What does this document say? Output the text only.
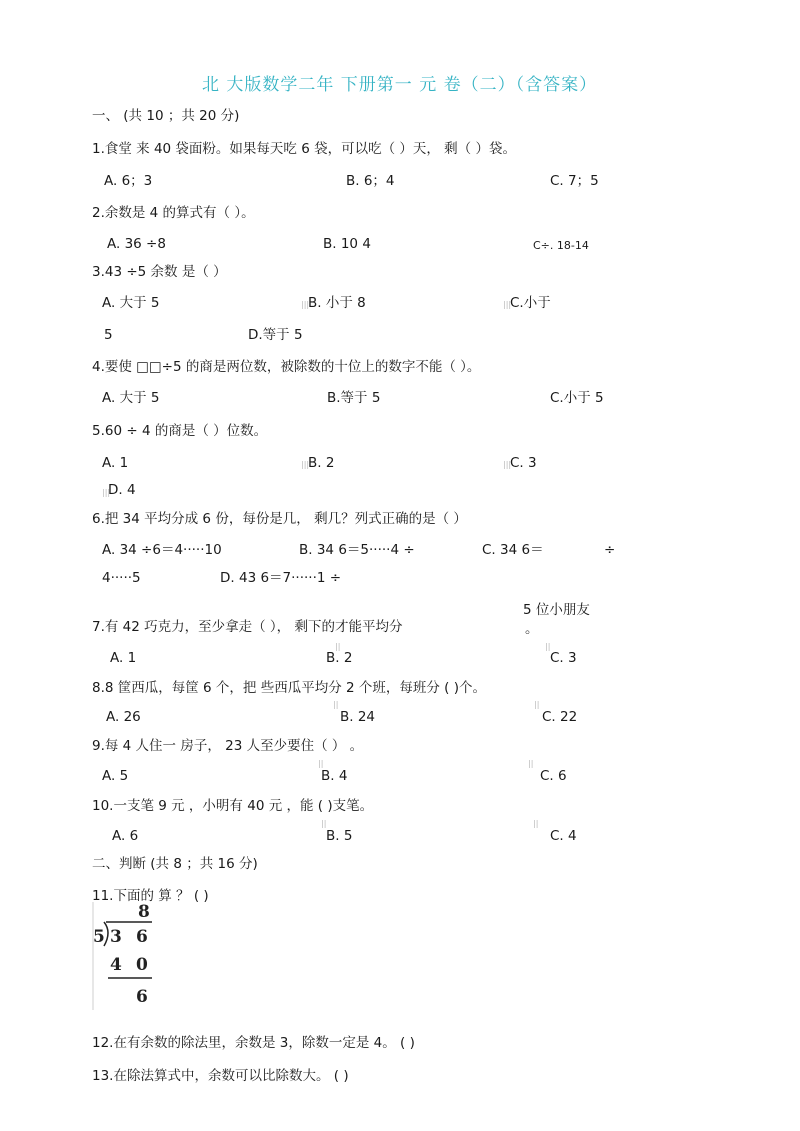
北 大版数学二年 下册第一 元 卷（二）（含答案）
一、 (共 10 ；共 20 分)
1.食堂 来 40 袋面粉。如果每天吃 6 袋，可以吃（ ）天， 剩（ ）袋。
A. 6；3	B. 6；4	C. 7；5
2.余数是 4 的算式有（ ）。
A. 36 ÷8	B. 10 4	C÷. 18-14
3.43 ÷5 余数 是（ ）
A. 大于 5	|||
B. 小于 8	|||
C.小于
5	D.等于 5
4.要使 □□÷5 的商是两位数，被除数的十位上的数字不能（ ）。
A. 大于 5	B.等于 5	C.小于 5
5.60 ÷ 4 的商是（ ）位数。
A. 1	|||
B. 2	|||
C. 3
|||
D. 4
6.把 34 平均分成 6 份，每份是几， 剩几？列式正确的是（ ）
A. 34 ÷6＝4·····10	B. 34 6＝5·····4 ÷	C. 34 6＝	÷
4·····5	D. 43 6＝7······1 ÷
5 位小朋友
7.有 42 巧克力，至少拿走（ ）， 剩下的才能平均分	。
||	||
A. 1	B. 2	C. 3
8.8 筐西瓜，每筐 6 个，把 些西瓜平均分 2 个班，每班分 ( )个。
||	||
A. 26	B. 24	C. 22
9.每 4 人住一 房子， 23 人至少要住（ ） 。
||	||
A. 5	B. 4	C. 6
10.一支笔 9 元 ，小明有 40 元 ，能 ( )支笔。
||	||
A. 6	B. 5	C. 4
二、判断 (共 8 ；共 16 分)
11.下面的 算 ？ ( )
8
5 3 6
4 0
6
12.在有余数的除法里，余数是 3，除数一定是 4。 ( )
13.在除法算式中，余数可以比除数大。 ( )
